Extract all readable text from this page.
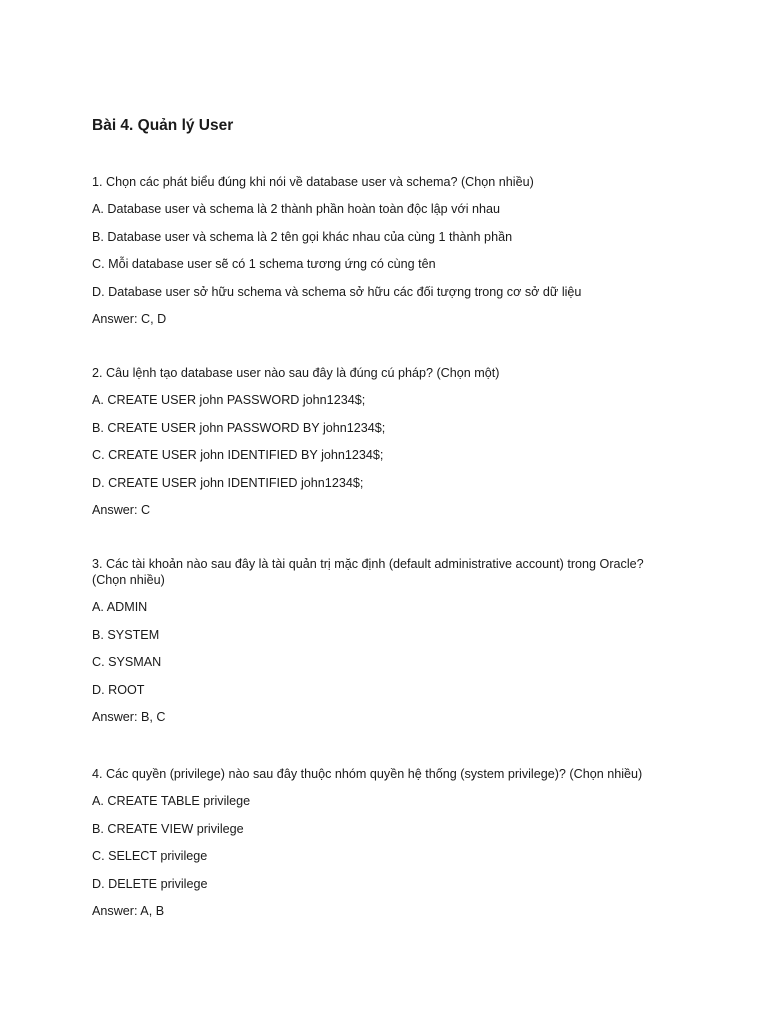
Bài 4. Quản lý User

1. Chọn các phát biểu đúng khi nói về database user và schema? (Chọn nhiều)

A. Database user và schema là 2 thành phần hoàn toàn độc lập với nhau

B. Database user và schema là 2 tên gọi khác nhau của cùng 1 thành phần

C. Mỗi database user sẽ có 1 schema tương ứng có cùng tên

D. Database user sở hữu schema và schema sở hữu các đối tượng trong cơ sở dữ liệu

Answer: C, D

2. Câu lệnh tạo database user nào sau đây là đúng cú pháp? (Chọn một)

A. CREATE USER john PASSWORD john1234$;

B. CREATE USER john PASSWORD BY john1234$;

C. CREATE USER john IDENTIFIED BY john1234$;

D. CREATE USER john IDENTIFIED john1234$;

Answer: C

3. Các tài khoản nào sau đây là tài quản trị mặc định (default administrative account) trong Oracle? (Chọn nhiều)

A. ADMIN

B. SYSTEM

C. SYSMAN

D. ROOT

Answer: B, C

4. Các quyền (privilege) nào sau đây thuộc nhóm quyền hệ thống (system privilege)? (Chọn nhiều)

A. CREATE TABLE privilege

B. CREATE VIEW privilege

C. SELECT privilege

D. DELETE privilege

Answer: A, B
